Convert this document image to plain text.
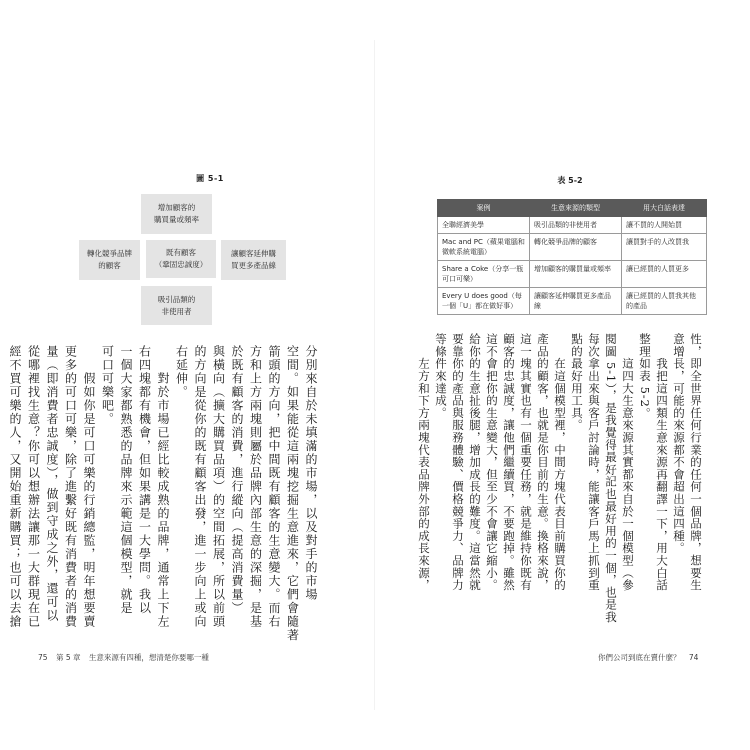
圖 5-1
增加顧客的
購買量或頻率
轉化競爭品牌
的顧客
既有顧客
（鞏固忠誠度）
讓顧客延伸購
買更多產品線
吸引品類的
非使用者
表 5-2
案例	生意來源的類型	用大白話表達
全聯經濟美學	吸引品類的非使用者	讓不買的人開始買
Mac and PC（蘋果電腦和微軟系統電腦）	轉化競爭品牌的顧客	讓買對手的人改買我
Share a Coke（分享一瓶可口可樂）	增加顧客的購買量或頻率	讓已經買的人買更多
Every U does good（每一個「U」都在做好事）	讓顧客延伸購買更多產品線	讓已經買的人買我其他的產品
分別來自於未填滿的市場，以及對手的市場
空間。如果能從這兩塊挖掘生意進來，它們會隨著
箭頭的方向，把中間既有顧客的生意變大。而右
方和上方兩塊則屬於品牌內部生意的深掘，是基
於既有顧客的消費，進行縱向（提高消費量）
與橫向（擴大購買品項）的空間拓展，所以前頭
的方向是從你的既有顧客出發，進一步向上或向
右延伸。
　　對於市場已經比較成熟的品牌，通常上下左
右四塊都有機會，但如果講是一大學問。我以
一個大家都熟悉的品牌來示範這個模型，就是
可口可樂吧。
　　假如你是可口可樂的行銷總監，明年想要賣
更多的可口可樂，除了進繫好既有消費者的消費
量（即消費者忠誠度），做到守成之外，還可以
從哪裡找生意？你可以想辦法讓那一大群現在已
經不買可樂的人，又開始重新購買；也可以去搶	性，即全世界任何行業的任何一個品牌，想要生
意增長，可能的來源都不會超出這四種。
　　我把這四類生意來源再翻譯一下，用大白話
整理如表 5-2。
　　這四大生意來源其實都來自於一個模型（參
閱圖 5-1），是我覺得最好記也最好用的一個，也是我
每次拿出來與客戶討論時，能讓客戶馬上抓到重
點的最好用工具。
　　在這個模型裡，中間方塊代表目前購買你的
產品的顧客，也就是你目前的生意。換格來說，
這一塊其實也有一個重要任務，就是維持你既有
顧客的忠誠度，讓他們繼續買，不要跑掉。雖然
這不會把你的生意變大，但至少不會讓它縮小。
給你的生意扯後腿，增加成長的難度。這當然就
要靠你的產品與服務體驗、價格競爭力、品牌力
等條件來達成。
　　左方和下方兩塊代表品牌外部的成長來源，
75 第 5 章 生意來源有四種，想清楚你要哪一種	你們公司到底在賣什麼？ 74
